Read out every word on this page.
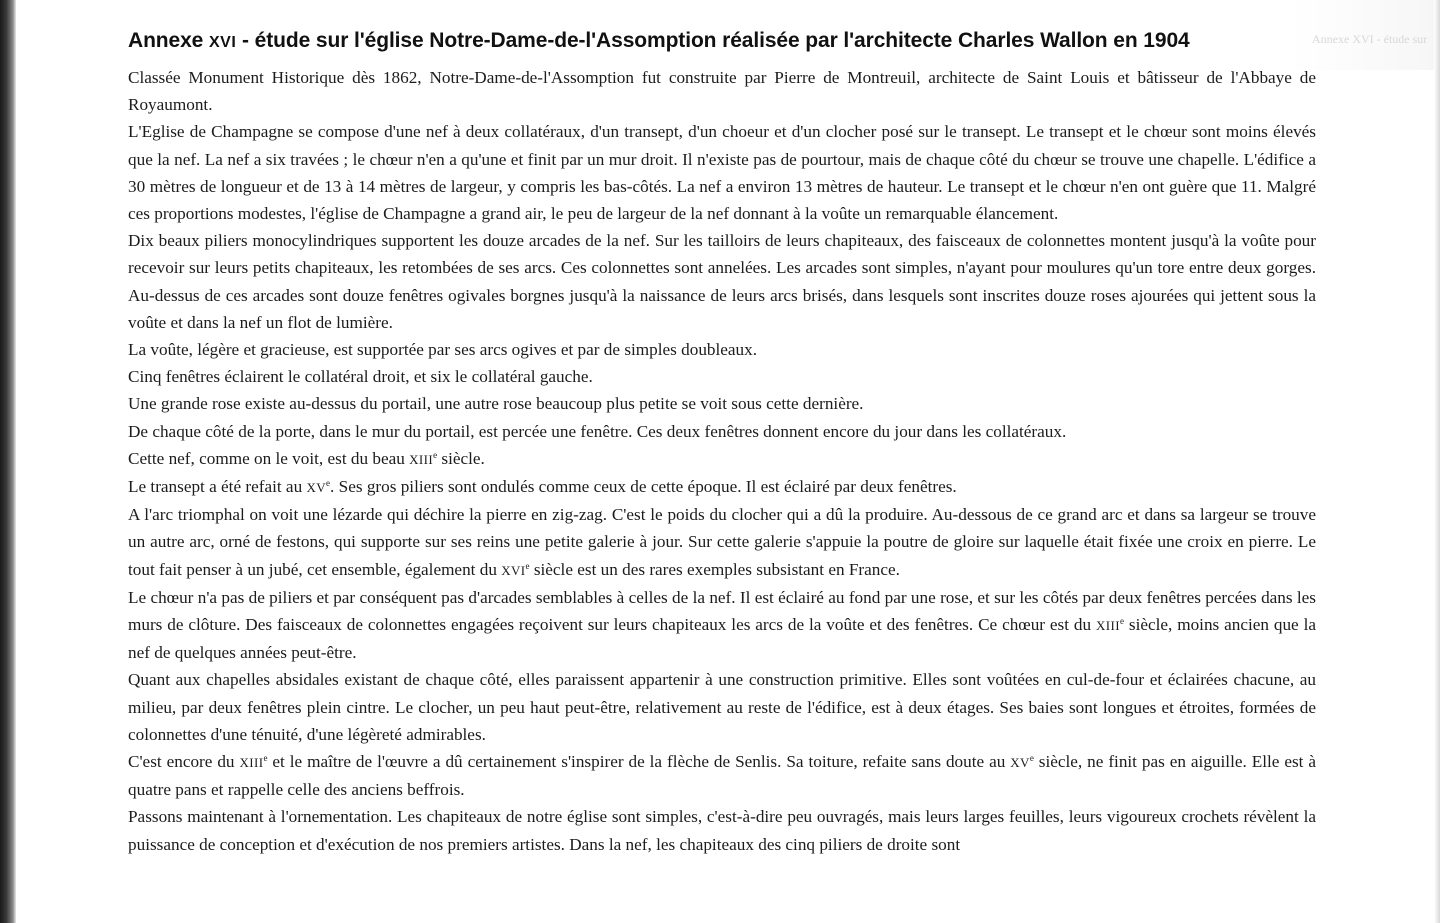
Annexe XVI - étude sur
Annexe XVI - étude sur l'église Notre-Dame-de-l'Assomption réalisée par l'architecte Charles Wallon en 1904

Classée Monument Historique dès 1862, Notre-Dame-de-l'Assomption fut construite par Pierre de Montreuil, architecte de Saint Louis et bâtisseur de l'Abbaye de Royaumont.

L'Eglise de Champagne se compose d'une nef à deux collatéraux, d'un transept, d'un choeur et d'un clocher posé sur le transept. Le transept et le chœur sont moins élevés que la nef. La nef a six travées ; le chœur n'en a qu'une et finit par un mur droit. Il n'existe pas de pourtour, mais de chaque côté du chœur se trouve une chapelle. L'édifice a 30 mètres de longueur et de 13 à 14 mètres de largeur, y compris les bas-côtés. La nef a environ 13 mètres de hauteur. Le transept et le chœur n'en ont guère que 11. Malgré ces proportions modestes, l'église de Champagne a grand air, le peu de largeur de la nef donnant à la voûte un remarquable élancement.

Dix beaux piliers monocylindriques supportent les douze arcades de la nef. Sur les tailloirs de leurs chapiteaux, des faisceaux de colonnettes montent jusqu'à la voûte pour recevoir sur leurs petits chapiteaux, les retombées de ses arcs. Ces colonnettes sont annelées. Les arcades sont simples, n'ayant pour moulures qu'un tore entre deux gorges. Au-dessus de ces arcades sont douze fenêtres ogivales borgnes jusqu'à la naissance de leurs arcs brisés, dans lesquels sont inscrites douze roses ajourées qui jettent sous la voûte et dans la nef un flot de lumière.

La voûte, légère et gracieuse, est supportée par ses arcs ogives et par de simples doubleaux.

Cinq fenêtres éclairent le collatéral droit, et six le collatéral gauche.

Une grande rose existe au-dessus du portail, une autre rose beaucoup plus petite se voit sous cette dernière.

De chaque côté de la porte, dans le mur du portail, est percée une fenêtre. Ces deux fenêtres donnent encore du jour dans les collatéraux.

Cette nef, comme on le voit, est du beau XIIIe siècle.

Le transept a été refait au XVe. Ses gros piliers sont ondulés comme ceux de cette époque. Il est éclairé par deux fenêtres.

A l'arc triomphal on voit une lézarde qui déchire la pierre en zig-zag. C'est le poids du clocher qui a dû la produire. Au-dessous de ce grand arc et dans sa largeur se trouve un autre arc, orné de festons, qui supporte sur ses reins une petite galerie à jour. Sur cette galerie s'appuie la poutre de gloire sur laquelle était fixée une croix en pierre. Le tout fait penser à un jubé, cet ensemble, également du XVIe siècle est un des rares exemples subsistant en France.

Le chœur n'a pas de piliers et par conséquent pas d'arcades semblables à celles de la nef. Il est éclairé au fond par une rose, et sur les côtés par deux fenêtres percées dans les murs de clôture. Des faisceaux de colonnettes engagées reçoivent sur leurs chapiteaux les arcs de la voûte et des fenêtres. Ce chœur est du XIIIe siècle, moins ancien que la nef de quelques années peut-être.

Quant aux chapelles absidales existant de chaque côté, elles paraissent appartenir à une construction primitive. Elles sont voûtées en cul-de-four et éclairées chacune, au milieu, par deux fenêtres plein cintre. Le clocher, un peu haut peut-être, relativement au reste de l'édifice, est à deux étages. Ses baies sont longues et étroites, formées de colonnettes d'une ténuité, d'une légèreté admirables.

C'est encore du XIIIe et le maître de l'œuvre a dû certainement s'inspirer de la flèche de Senlis. Sa toiture, refaite sans doute au XVe siècle, ne finit pas en aiguille. Elle est à quatre pans et rappelle celle des anciens beffrois.

Passons maintenant à l'ornementation. Les chapiteaux de notre église sont simples, c'est-à-dire peu ouvragés, mais leurs larges feuilles, leurs vigoureux crochets révèlent la puissance de conception et d'exécution de nos premiers artistes. Dans la nef, les chapiteaux des cinq piliers de droite sont
